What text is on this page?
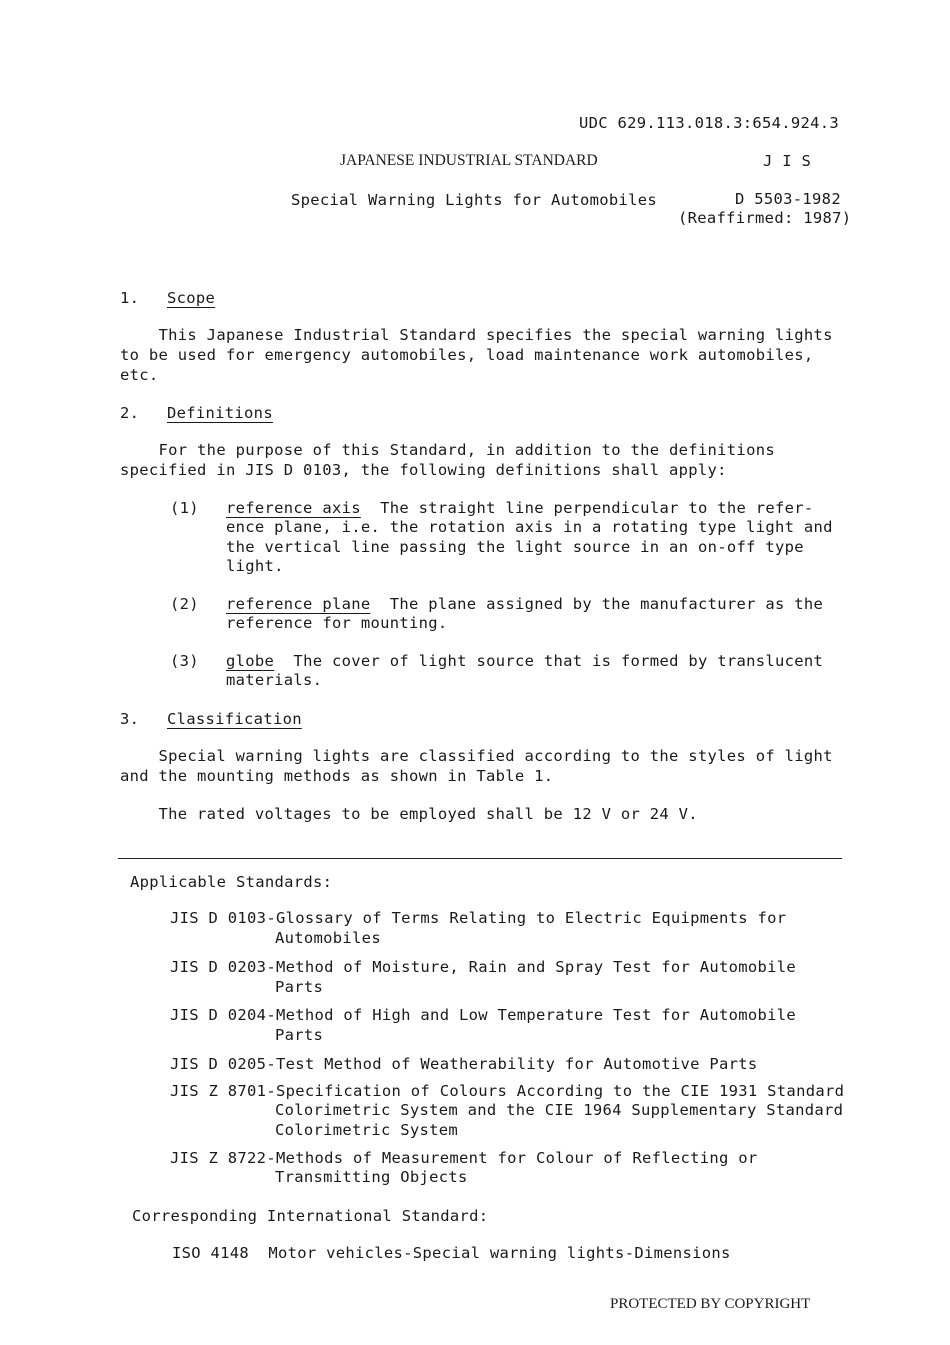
UDC 629.113.018.3:654.924.3
JAPANESE INDUSTRIAL STANDARD	J I S
Special Warning Lights for Automobiles	D 5503-1982
(Reaffirmed: 1987)
1. Scope
This Japanese Industrial Standard specifies the special warning lights
to be used for emergency automobiles, load maintenance work automobiles,
etc.
2. Definitions
For the purpose of this Standard, in addition to the definitions
specified in JIS D 0103, the following definitions shall apply:
(1) reference axis  The straight line perpendicular to the refer-
ence plane, i.e. the rotation axis in a rotating type light and
the vertical line passing the light source in an on-off type
light.
(2) reference plane  The plane assigned by the manufacturer as the
reference for mounting.
(3) globe  The cover of light source that is formed by translucent
materials.
3. Classification
Special warning lights are classified according to the styles of light
and the mounting methods as shown in Table 1.
The rated voltages to be employed shall be 12 V or 24 V.
Applicable Standards:
JIS D 0103-Glossary of Terms Relating to Electric Equipments for
Automobiles
JIS D 0203-Method of Moisture, Rain and Spray Test for Automobile
Parts
JIS D 0204-Method of High and Low Temperature Test for Automobile
Parts
JIS D 0205-Test Method of Weatherability for Automotive Parts
JIS Z 8701-Specification of Colours According to the CIE 1931 Standard
Colorimetric System and the CIE 1964 Supplementary Standard
Colorimetric System
JIS Z 8722-Methods of Measurement for Colour of Reflecting or
Transmitting Objects
Corresponding International Standard:
ISO 4148  Motor vehicles-Special warning lights-Dimensions
PROTECTED BY COPYRIGHT
